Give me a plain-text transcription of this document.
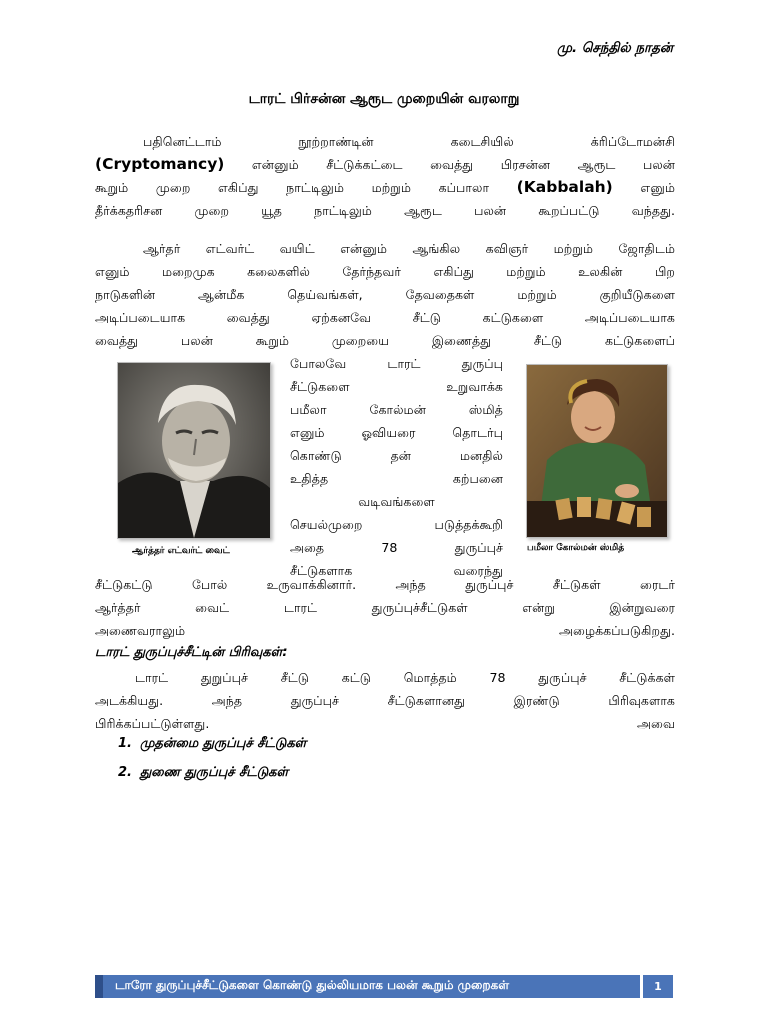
மு. செந்தில் நாதன்
டாரட் பிர்சன்ன ஆரூட முறையின் வரலாறு
பதினெட்டாம் நூற்றாண்டின் கடைசியில் க்ரிப்டோமன்சி
(Cryptomancy) என்னும் சீட்டுக்கட்டை வைத்து பிரசன்ன ஆரூட பலன்
கூறும் முறை எகிப்து நாட்டிலும் மற்றும் கப்பாலா (Kabbalah) எனும்
தீர்க்கதரிசன முறை யூத நாட்டிலும் ஆரூட பலன் கூறப்பட்டு வந்தது.
ஆர்தர் எட்வர்ட் வயிட் என்னும் ஆங்கில கவிஞர் மற்றும் ஜோதிடம்
எனும் மறைமுக கலைகளில் தேர்ந்தவர் எகிப்து மற்றும் உலகின் பிற
நாடுகளின் ஆன்மீக தெய்வங்கள், தேவதைகள் மற்றும் குறியீடுகளை
அடிப்படையாக வைத்து ஏற்கனவே சீட்டு கட்டுகளை அடிப்படையாக
வைத்து பலன் கூறும் முறையை இணைத்து சீட்டு கட்டுகளைப்
ஆர்த்தர் எட்வர்ட் வைட்
போலவே டாரட் துருப்பு
சீட்டுகளை உறுவாக்க
பமீலா கோல்மன் ஸ்மித்
எனும் ஓவியரை தொடர்பு
கொண்டு தன் மனதில்
உதித்த கற்பனை
வடிவங்களை
செயல்முறை படுத்தக்கூறி
அதை 78 துருப்புச்
சீட்டுகளாக வரைந்து
பமீலா கோல்மன் ஸ்மித்
சீட்டுகட்டு போல் உருவாக்கினார். அந்த துருப்புச் சீட்டுகள் ரைடர்
ஆர்த்தர் வைட் டாரட் துருப்புச்சீட்டுகள் என்று இன்றுவரை
அணைவராலும் அழைக்கப்படுகிறது.
டாரட் துருப்புச்சீட்டின் பிரிவுகள்:
டாரட் துறுப்புச் சீட்டு கட்டு மொத்தம் 78 துருப்புச் சீட்டுக்கள்
அடக்கியது. அந்த துருப்புச் சீட்டுகளானது இரண்டு பிரிவுகளாக
பிரிக்கப்பட்டுள்ளது. அவை
1. முதன்மை துருப்புச் சீட்டுகள்
2. துணை துருப்புச் சீட்டுகள்
டாரோ துருப்புச்சீட்டுகளை கொண்டு துல்லியமாக பலன் கூறும் முறைகள்	1
